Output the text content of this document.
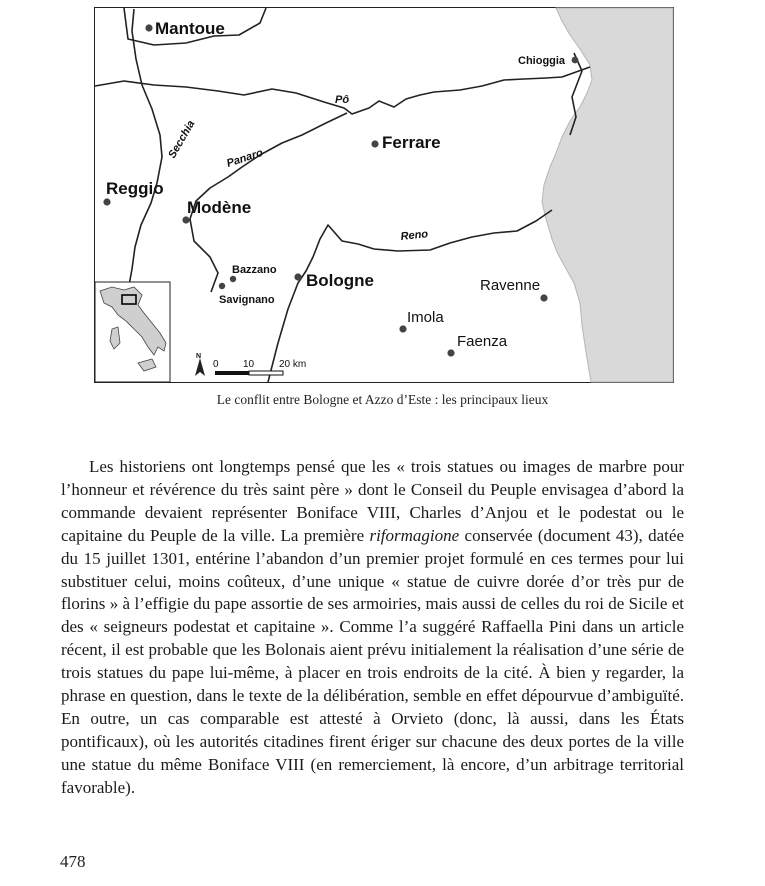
Mantoue
Chioggia
Ferrare
Reggio
Modène
Bazzano
Savignano
Bologne	Ravenne
Imola
Faenza
Pô
Secchia	Panaro
Reno
N
0 10 20 km
Le conflit entre Bologne et Azzo d’Este : les principaux lieux

Les historiens ont longtemps pensé que les « trois statues ou images de marbre pour l’honneur et révérence du très saint père » dont le Conseil du Peuple envisagea d’abord la commande devaient représenter Boniface VIII, Charles d’Anjou et le podestat ou le capitaine du Peuple de la ville. La première riformagione conservée (document 43), datée du 15 juillet 1301, entérine l’abandon d’un premier projet formulé en ces termes pour lui substituer celui, moins coûteux, d’une unique « statue de cuivre dorée d’or très pur de florins » à l’effigie du pape assortie de ses armoiries, mais aussi de celles du roi de Sicile et des « seigneurs podestat et capitaine ». Comme l’a suggéré Raffaella Pini dans un article récent, il est probable que les Bolonais aient prévu initialement la réalisation d’une série de trois statues du pape lui-même, à placer en trois endroits de la cité. À bien y regarder, la phrase en question, dans le texte de la délibération, semble en effet dépourvue d’ambiguïté. En outre, un cas comparable est attesté à Orvieto (donc, là aussi, dans les États pontificaux), où les autorités citadines firent ériger sur chacune des deux portes de la ville une statue du même Boniface VIII (en remerciement, là encore, d’un arbitrage territorial favorable).

478
